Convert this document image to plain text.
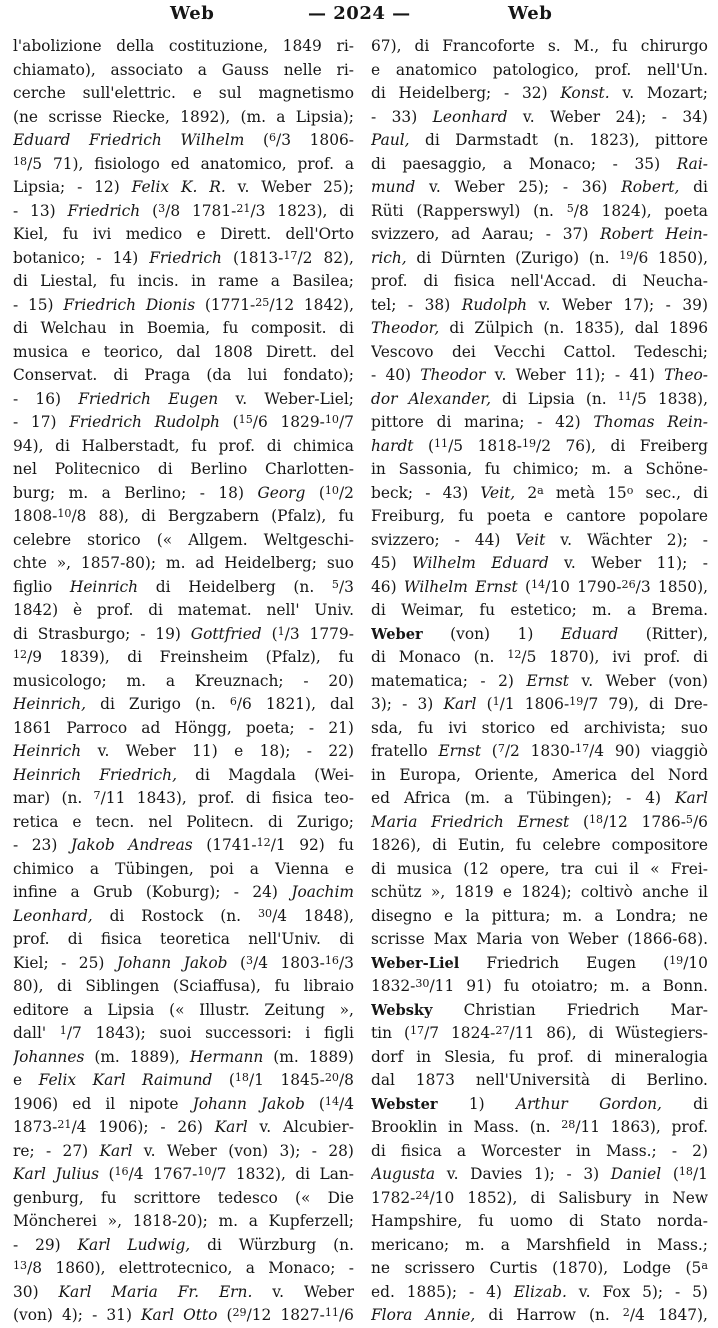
Web	— 2024 —	Web
l'abolizione della costituzione, 1849 ri-
chiamato), associato a Gauss nelle ri-
cerche sull'elettric. e sul magnetismo
(ne scrisse Riecke, 1892), (m. a Lipsia);
Eduard Friedrich Wilhelm ($^6$/3 1806-
$^{18}$/5 71), fisiologo ed anatomico, prof. a
Lipsia; - 12) Felix K. R. v. Weber 25);
- 13) Friedrich ($^3$/8 1781-$^{21}$/3 1823), di
Kiel, fu ivi medico e Dirett. dell'Orto
botanico; - 14) Friedrich (1813-$^{17}$/2 82),
di Liestal, fu incis. in rame a Basilea;
- 15) Friedrich Dionis (1771-$^{25}$/12 1842),
di Welchau in Boemia, fu composit. di
musica e teorico, dal 1808 Dirett. del
Conservat. di Praga (da lui fondato);
- 16) Friedrich Eugen v. Weber-Liel;
- 17) Friedrich Rudolph ($^{15}$/6 1829-$^{10}$/7
94), di Halberstadt, fu prof. di chimica
nel Politecnico di Berlino Charlotten-
burg; m. a Berlino; - 18) Georg ($^{10}$/2
1808-$^{10}$/8 88), di Bergzabern (Pfalz), fu
celebre storico (« Allgem. Weltgeschi-
chte », 1857-80); m. ad Heidelberg; suo
figlio Heinrich di Heidelberg (n. $^5$/3
1842) è prof. di matemat. nell' Univ.
di Strasburgo; - 19) Gottfried ($^1$/3 1779-
$^{12}$/9 1839), di Freinsheim (Pfalz), fu
musicologo; m. a Kreuznach; - 20)
Heinrich, di Zurigo (n. $^6$/6 1821), dal
1861 Parroco ad Höngg, poeta; - 21)
Heinrich v. Weber 11) e 18); - 22)
Heinrich Friedrich, di Magdala (Wei-
mar) (n. $^7$/11 1843), prof. di fisica teo-
retica e tecn. nel Politecn. di Zurigo;
- 23) Jakob Andreas (1741-$^{12}$/1 92) fu
chimico a Tübingen, poi a Vienna e
infine a Grub (Koburg); - 24) Joachim
Leonhard, di Rostock (n. $^{30}$/4 1848),
prof. di fisica teoretica nell'Univ. di
Kiel; - 25) Johann Jakob ($^3$/4 1803-$^{16}$/3
80), di Siblingen (Sciaffusa), fu libraio
editore a Lipsia (« Illustr. Zeitung »,
dall' $^1$/7 1843); suoi successori: i figli
Johannes (m. 1889), Hermann (m. 1889)
e Felix Karl Raimund ($^{18}$/1 1845-$^{20}$/8
1906) ed il nipote Johann Jakob ($^{14}$/4
1873-$^{21}$/4 1906); - 26) Karl v. Alcubier-
re; - 27) Karl v. Weber (von) 3); - 28)
Karl Julius ($^{16}$/4 1767-$^{10}$/7 1832), di Lan-
genburg, fu scrittore tedesco (« Die
Möncherei », 1818-20); m. a Kupferzell;
- 29) Karl Ludwig, di Würzburg (n.
$^{13}$/8 1860), elettrotecnico, a Monaco; -
30) Karl Maria Fr. Ern. v. Weber
(von) 4); - 31) Karl Otto ($^{29}$/12 1827-$^{11}$/6
67), di Francoforte s. M., fu chirurgo
e anatomico patologico, prof. nell'Un.
di Heidelberg; - 32) Konst. v. Mozart;
- 33) Leonhard v. Weber 24); - 34)
Paul, di Darmstadt (n. 1823), pittore
di paesaggio, a Monaco; - 35) Rai-
mund v. Weber 25); - 36) Robert, di
Rüti (Rapperswyl) (n. $^5$/8 1824), poeta
svizzero, ad Aarau; - 37) Robert Hein-
rich, di Dürnten (Zurigo) (n. $^{19}$/6 1850),
prof. di fisica nell'Accad. di Neucha-
tel; - 38) Rudolph v. Weber 17); - 39)
Theodor, di Zülpich (n. 1835), dal 1896
Vescovo dei Vecchi Cattol. Tedeschi;
- 40) Theodor v. Weber 11); - 41) Theo-
dor Alexander, di Lipsia (n. $^{11}$/5 1838),
pittore di marina; - 42) Thomas Rein-
hardt ($^{11}$/5 1818-$^{19}$/2 76), di Freiberg
in Sassonia, fu chimico; m. a Schöne-
beck; - 43) Veit, 2$^a$ metà 15$^o$ sec., di
Freiburg, fu poeta e cantore popolare
svizzero; - 44) Veit v. Wächter 2); -
45) Wilhelm Eduard v. Weber 11); -
46) Wilhelm Ernst ($^{14}$/10 1790-$^{26}$/3 1850),
di Weimar, fu estetico; m. a Brema.
Weber (von) 1) Eduard (Ritter),
di Monaco (n. $^{12}$/5 1870), ivi prof. di
matematica; - 2) Ernst v. Weber (von)
3); - 3) Karl ($^1$/1 1806-$^{19}$/7 79), di Dre-
sda, fu ivi storico ed archivista; suo
fratello Ernst ($^7$/2 1830-$^{17}$/4 90) viaggiò
in Europa, Oriente, America del Nord
ed Africa (m. a Tübingen); - 4) Karl
Maria Friedrich Ernest ($^{18}$/12 1786-$^5$/6
1826), di Eutin, fu celebre compositore
di musica (12 opere, tra cui il « Frei-
schütz », 1819 e 1824); coltivò anche il
disegno e la pittura; m. a Londra; ne
scrisse Max Maria von Weber (1866-68).
Weber-Liel Friedrich Eugen ($^{19}$/10
1832-$^{30}$/11 91) fu otoiatro; m. a Bonn.
Websky Christian Friedrich Mar-
tin ($^{17}$/7 1824-$^{27}$/11 86), di Wüstegiers-
dorf in Slesia, fu prof. di mineralogia
dal 1873 nell'Università di Berlino.
Webster 1) Arthur Gordon, di
Brooklin in Mass. (n. $^{28}$/11 1863), prof.
di fisica a Worcester in Mass.; - 2)
Augusta v. Davies 1); - 3) Daniel ($^{18}$/1
1782-$^{24}$/10 1852), di Salisbury in New
Hampshire, fu uomo di Stato norda-
mericano; m. a Marshfield in Mass.;
ne scrissero Curtis (1870), Lodge (5$^a$
ed. 1885); - 4) Elizab. v. Fox 5); - 5)
Flora Annie, di Harrow (n. $^2$/4 1847),
